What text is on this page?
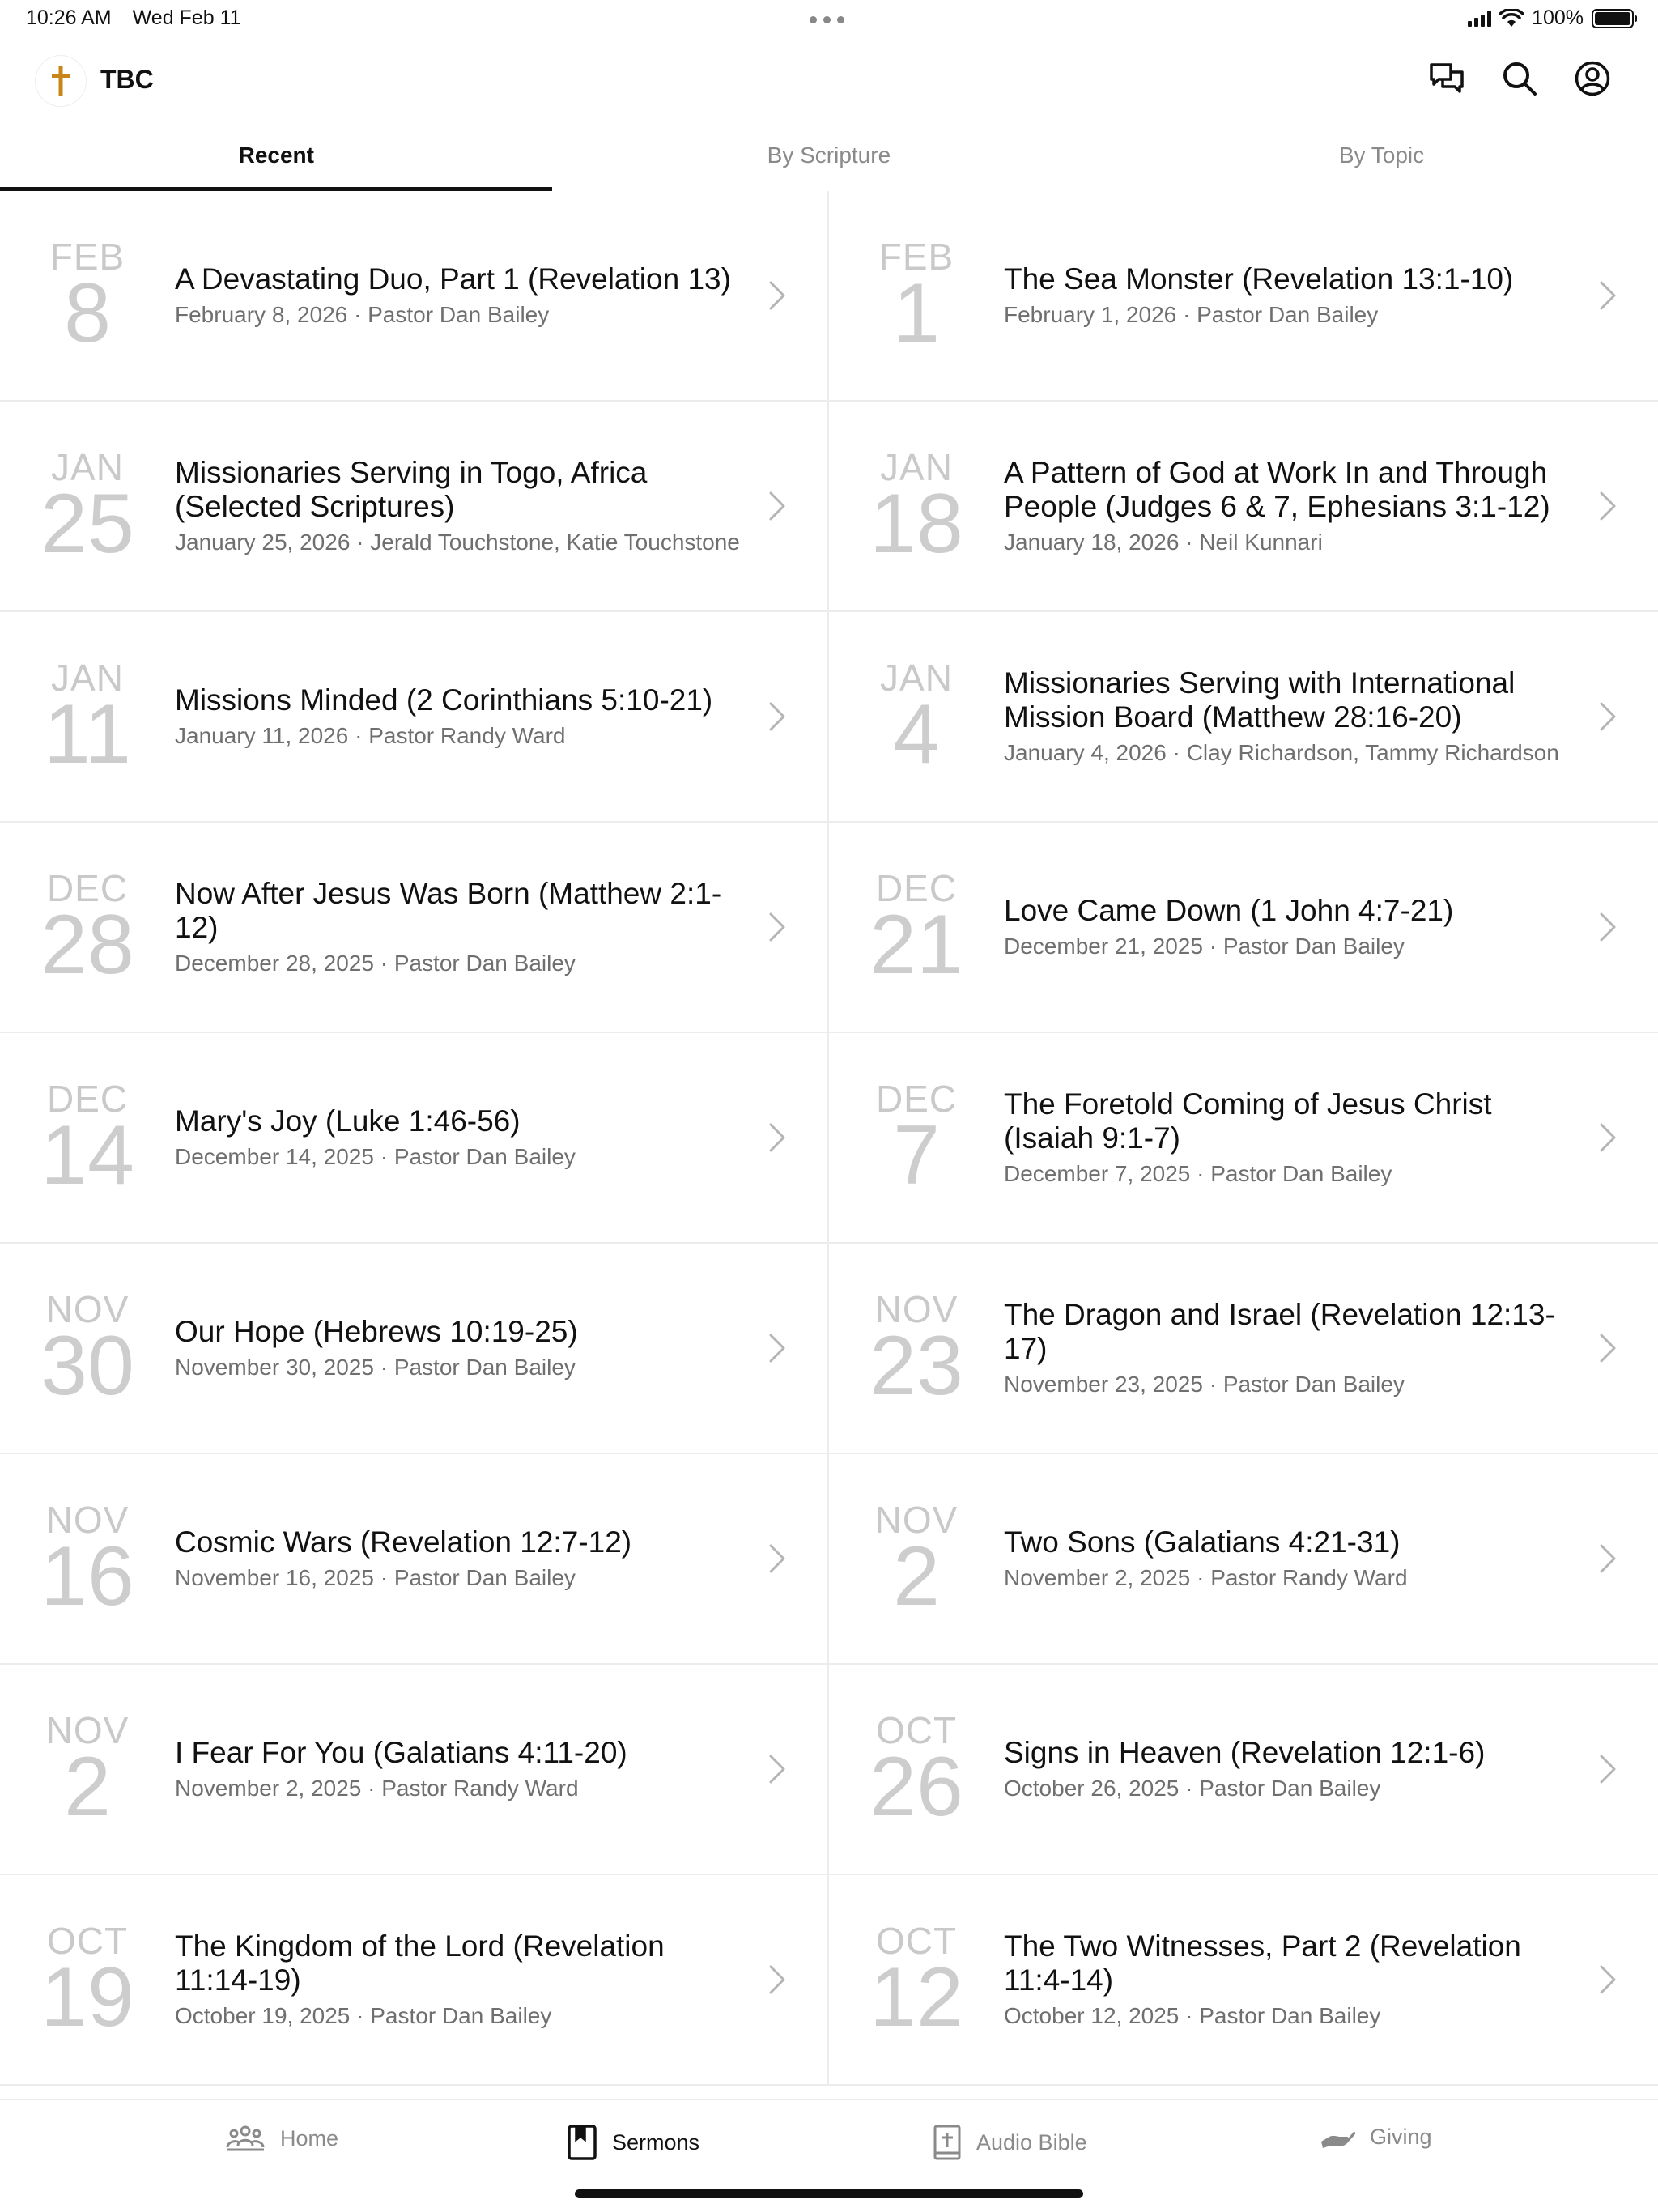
10:26 AM Wed Feb 11	100%
TBC
Recent	By Scripture	By Topic
FEB
8 A Devastating Duo, Part 1 (Revelation 13)
February 8, 2026 · Pastor Dan Bailey
FEB
1 The Sea Monster (Revelation 13:1-10)
February 1, 2026 · Pastor Dan Bailey
JAN
25
Missionaries Serving in Togo, Africa (Selected Scriptures)
January 25, 2026 · Jerald Touchstone, Katie Touchstone
JAN
18
A Pattern of God at Work In and Through People (Judges 6 & 7, Ephesians 3:1-12)
January 18, 2026 · Neil Kunnari
JAN
11 Missions Minded (2 Corinthians 5:10-21)
January 11, 2026 · Pastor Randy Ward
JAN
4
Missionaries Serving with International Mission Board (Matthew 28:16-20)
January 4, 2026 · Clay Richardson, Tammy Richardson
DEC
28
Now After Jesus Was Born (Matthew 2:1-12)
December 28, 2025 · Pastor Dan Bailey
DEC
21 Love Came Down (1 John 4:7-21)
December 21, 2025 · Pastor Dan Bailey
DEC
14 Mary's Joy (Luke 1:46-56)
December 14, 2025 · Pastor Dan Bailey
DEC
7
The Foretold Coming of Jesus Christ (Isaiah 9:1-7)
December 7, 2025 · Pastor Dan Bailey
NOV
30 Our Hope (Hebrews 10:19-25)
November 30, 2025 · Pastor Dan Bailey
NOV
23
The Dragon and Israel (Revelation 12:13-17)
November 23, 2025 · Pastor Dan Bailey
NOV
16 Cosmic Wars (Revelation 12:7-12)
November 16, 2025 · Pastor Dan Bailey
NOV
2 Two Sons (Galatians 4:21-31)
November 2, 2025 · Pastor Randy Ward
NOV
2 I Fear For You (Galatians 4:11-20)
November 2, 2025 · Pastor Randy Ward
OCT
26 Signs in Heaven (Revelation 12:1-6)
October 26, 2025 · Pastor Dan Bailey
OCT
19
The Kingdom of the Lord (Revelation 11:14-19)
October 19, 2025 · Pastor Dan Bailey
OCT
12
The Two Witnesses, Part 2 (Revelation 11:4-14)
October 12, 2025 · Pastor Dan Bailey
Home	Sermons	Audio Bible	Giving
